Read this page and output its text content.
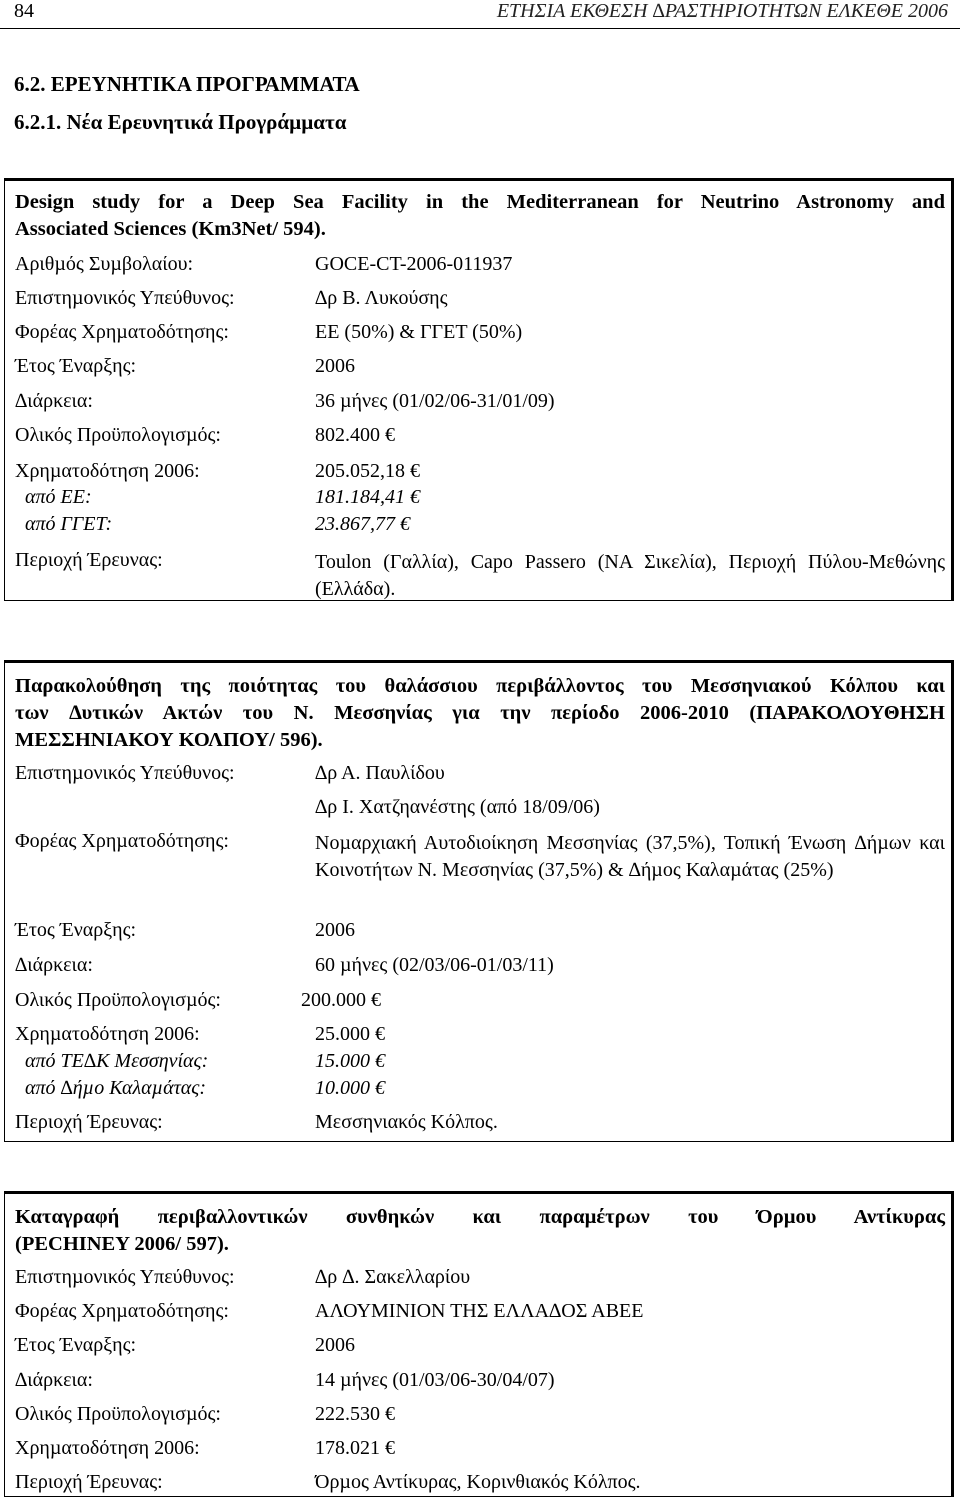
84	ΕΤΗΣΙΑ ΕΚΘΕΣΗ ∆ΡΑΣΤΗΡΙΟΤΗΤΩΝ ΕΛΚΕΘΕ 2006
6.2. ΕΡΕΥΝΗΤΙΚΑ ΠΡΟΓΡΑΜΜΑΤΑ
6.2.1. Νέα Ερευνητικά Προγράµµατα
Design study for a Deep Sea Facility in the Mediterranean for Neutrino Astronomy and
Associated Sciences (Km3Net/ 594).
Αριθµός Συµβολαίου:	GOCE-CT-2006-011937
Επιστηµονικός Υπεύθυνος:	∆ρ Β. Λυκούσης
Φορέας Χρηµατοδότησης:	ΕΕ (50%) & ΓΓΕΤ (50%)
Έτος Έναρξης:	2006
∆ιάρκεια:	36 µήνες (01/02/06-31/01/09)
Ολικός Προϋπολογισµός:	802.400 €
Χρηµατοδότηση 2006:	205.052,18 €
από ΕΕ:	181.184,41 €
από ΓΓΕΤ:	23.867,77 €
Περιοχή Έρευνας:	Toulon (Γαλλία), Capo Passero (ΝΑ Σικελία), Περιοχή Πύλου-Μεθώνης (Ελλάδα).
Παρακολούθηση της ποιότητας του θαλάσσιου περιβάλλοντος του Μεσσηνιακού Κόλπου και
των ∆υτικών Ακτών του Ν. Μεσσηνίας για την περίοδο 2006-2010 (ΠΑΡΑΚΟΛΟΥΘΗΣΗ
ΜΕΣΣΗΝΙΑΚΟΥ ΚΟΛΠΟΥ/ 596).
Επιστηµονικός Υπεύθυνος:	∆ρ Α. Παυλίδου
∆ρ Ι. Χατζηανέστης (από 18/09/06)
Φορέας Χρηµατοδότησης:	Νοµαρχιακή Αυτοδιοίκηση Μεσσηνίας (37,5%), Τοπική Ένωση ∆ήµων και Κοινοτήτων Ν. Μεσσηνίας (37,5%) & ∆ήµος Καλαµάτας (25%)
Έτος Έναρξης:	2006
∆ιάρκεια:	60 µήνες (02/03/06-01/03/11)
Ολικός Προϋπολογισµός:	200.000 €
Χρηµατοδότηση 2006:	25.000 €
από ΤΕ∆Κ Μεσσηνίας:	15.000 €
από ∆ήµο Καλαµάτας:	10.000 €
Περιοχή Έρευνας:	Μεσσηνιακός Κόλπος.
Καταγραφή περιβαλλοντικών συνθηκών και παραµέτρων του Όρµου Αντίκυρας
(PECHINEY 2006/ 597).
Επιστηµονικός Υπεύθυνος:	∆ρ ∆. Σακελλαρίου
Φορέας Χρηµατοδότησης:	ΑΛΟΥΜΙΝΙΟΝ ΤΗΣ ΕΛΛΑ∆ΟΣ ΑΒΕΕ
Έτος Έναρξης:	2006
∆ιάρκεια:	14 µήνες (01/03/06-30/04/07)
Ολικός Προϋπολογισµός:	222.530 €
Χρηµατοδότηση 2006:	178.021 €
Περιοχή Έρευνας:	Όρµος Αντίκυρας, Κορινθιακός Κόλπος.
